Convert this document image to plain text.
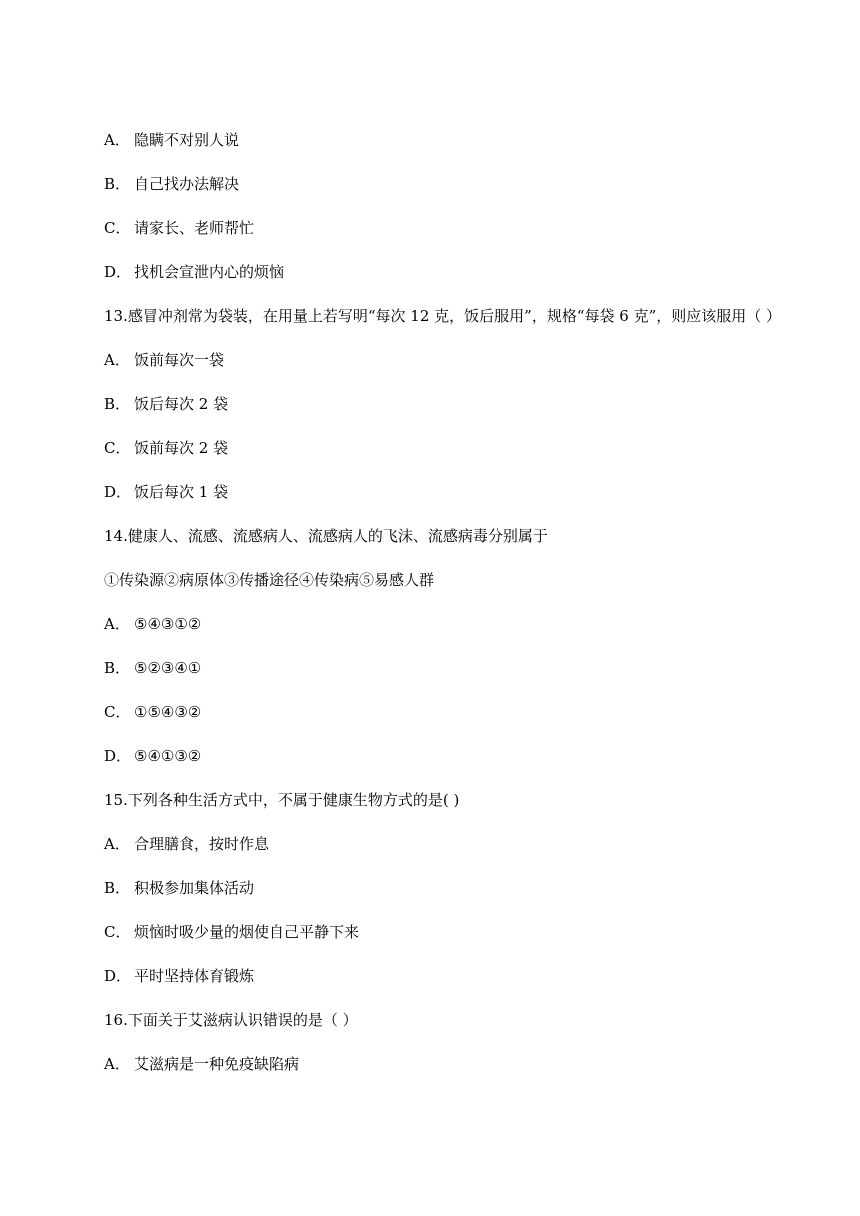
A． 隐瞒不对别人说
B． 自己找办法解决
C． 请家长、老师帮忙
D． 找机会宣泄内心的烦恼
13.感冒冲剂常为袋装，在用量上若写明“每次 12 克，饭后服用”，规格“每袋 6 克”，则应该服用（ ）
A． 饭前每次一袋
B． 饭后每次 2 袋
C． 饭前每次 2 袋
D． 饭后每次 1 袋
14.健康人、流感、流感病人、流感病人的飞沫、流感病毒分别属于
①传染源②病原体③传播途径④传染病⑤易感人群
A． ⑤④③①②
B． ⑤②③④①
C． ①⑤④③②
D． ⑤④①③②
15.下列各种生活方式中，不属于健康生物方式的是( )
A． 合理膳食，按时作息
B． 积极参加集体活动
C． 烦恼时吸少量的烟使自己平静下来
D． 平时坚持体育锻炼
16.下面关于艾滋病认识错误的是（ ）
A． 艾滋病是一种免疫缺陷病
